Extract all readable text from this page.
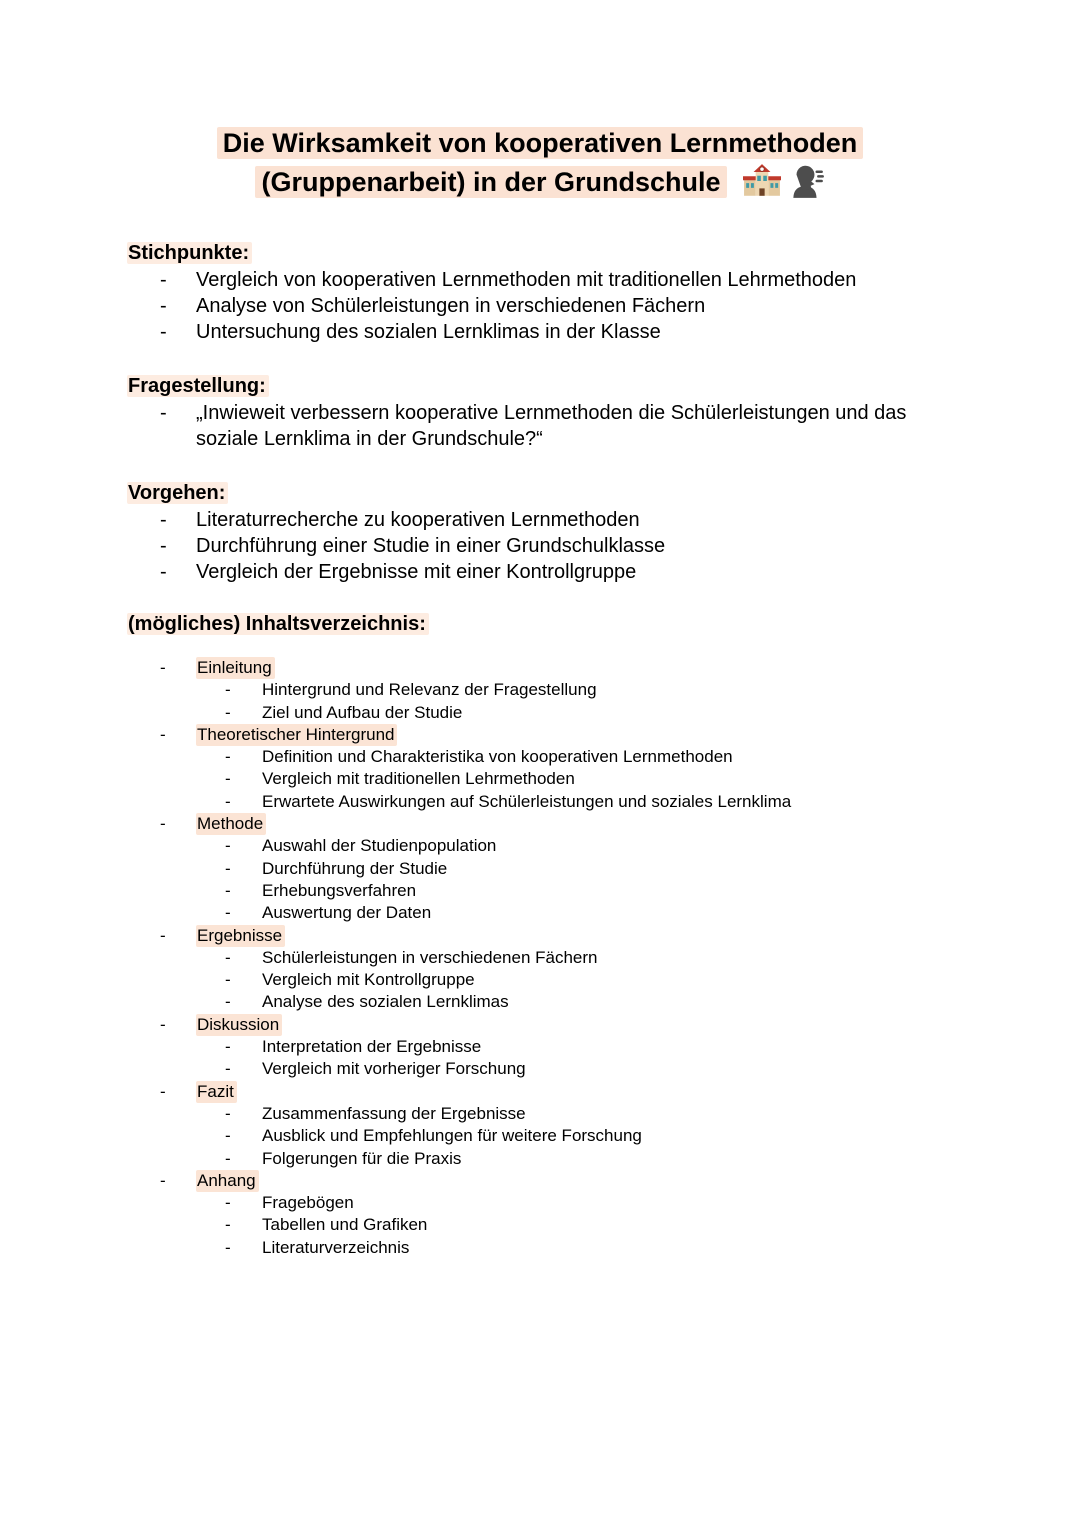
Die Wirksamkeit von kooperativen Lernmethoden
(Gruppenarbeit) in der Grundschule
Stichpunkte:
-	Vergleich von kooperativen Lernmethoden mit traditionellen Lehrmethoden
-	Analyse von Schülerleistungen in verschiedenen Fächern
-	Untersuchung des sozialen Lernklimas in der Klasse
Fragestellung:
-	„Inwieweit verbessern kooperative Lernmethoden die Schülerleistungen und das soziale Lernklima in der Grundschule?“
Vorgehen:
-	Literaturrecherche zu kooperativen Lernmethoden
-	Durchführung einer Studie in einer Grundschulklasse
-	Vergleich der Ergebnisse mit einer Kontrollgruppe
(mögliches) Inhaltsverzeichnis:
-	Einleitung
-	Hintergrund und Relevanz der Fragestellung
-	Ziel und Aufbau der Studie
-	Theoretischer Hintergrund
-	Definition und Charakteristika von kooperativen Lernmethoden
-	Vergleich mit traditionellen Lehrmethoden
-	Erwartete Auswirkungen auf Schülerleistungen und soziales Lernklima
-	Methode
-	Auswahl der Studienpopulation
-	Durchführung der Studie
-	Erhebungsverfahren
-	Auswertung der Daten
-	Ergebnisse
-	Schülerleistungen in verschiedenen Fächern
-	Vergleich mit Kontrollgruppe
-	Analyse des sozialen Lernklimas
-	Diskussion
-	Interpretation der Ergebnisse
-	Vergleich mit vorheriger Forschung
-	Fazit
-	Zusammenfassung der Ergebnisse
-	Ausblick und Empfehlungen für weitere Forschung
-	Folgerungen für die Praxis
-	Anhang
-	Fragebögen
-	Tabellen und Grafiken
-	Literaturverzeichnis
